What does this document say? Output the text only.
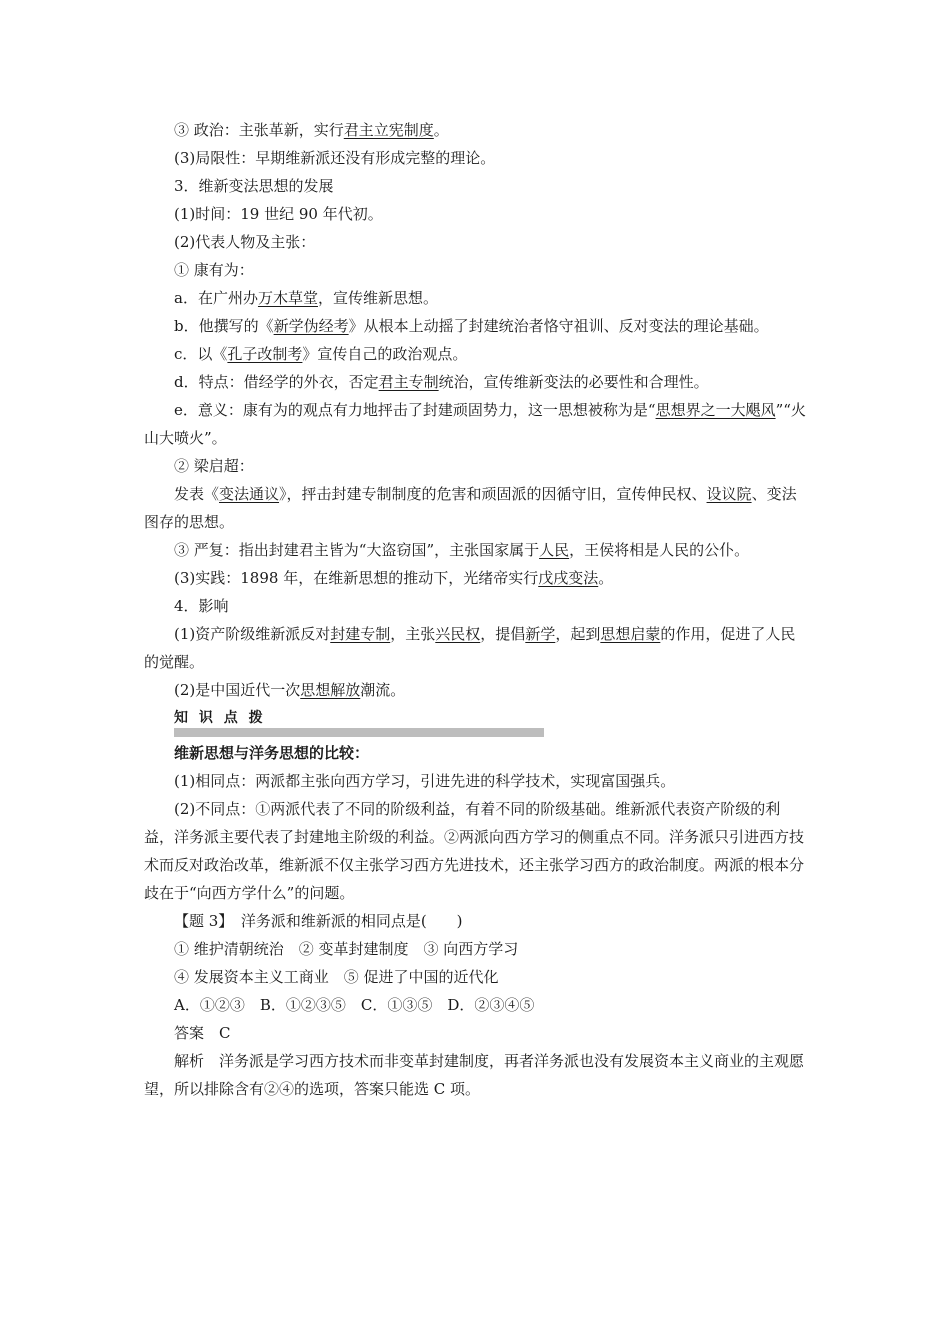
③ 政治：主张革新，实行君主立宪制度。

(3)局限性：早期维新派还没有形成完整的理论。

3．维新变法思想的发展

(1)时间：19 世纪 90 年代初。

(2)代表人物及主张：

① 康有为：

a．在广州办万木草堂，宣传维新思想。

b．他撰写的《新学伪经考》从根本上动摇了封建统治者恪守祖训、反对变法的理论基础。

c．以《孔子改制考》宣传自己的政治观点。

d．特点：借经学的外衣，否定君主专制统治，宣传维新变法的必要性和合理性。

e．意义：康有为的观点有力地抨击了封建顽固势力，这一思想被称为是“思想界之一大飓风”“火山大喷火”。

② 梁启超：

发表《变法通议》，抨击封建专制制度的危害和顽固派的因循守旧，宣传伸民权、设议院、变法图存的思想。

③ 严复：指出封建君主皆为“大盗窃国”，主张国家属于人民，王侯将相是人民的公仆。

(3)实践：1898 年，在维新思想的推动下，光绪帝实行戊戌变法。

4．影响

(1)资产阶级维新派反对封建专制，主张兴民权，提倡新学，起到思想启蒙的作用，促进了人民的觉醒。

(2)是中国近代一次思想解放潮流。

知 识 点 拨

维新思想与洋务思想的比较：

(1)相同点：两派都主张向西方学习，引进先进的科学技术，实现富国强兵。

(2)不同点：①两派代表了不同的阶级利益，有着不同的阶级基础。维新派代表资产阶级的利益，洋务派主要代表了封建地主阶级的利益。②两派向西方学习的侧重点不同。洋务派只引进西方技术而反对政治改革，维新派不仅主张学习西方先进技术，还主张学习西方的政治制度。两派的根本分歧在于“向西方学什么”的问题。

【题 3】　 洋务派和维新派的相同点是(　　)

① 维护清朝统治　② 变革封建制度　③ 向西方学习

④ 发展资本主义工商业　⑤ 促进了中国的近代化

A．①②③　B．①②③⑤　C．①③⑤　D．②③④⑤

答案　 C

解析　 洋务派是学习西方技术而非变革封建制度，再者洋务派也没有发展资本主义商业的主观愿望，所以排除含有②④的选项，答案只能选 C 项。
